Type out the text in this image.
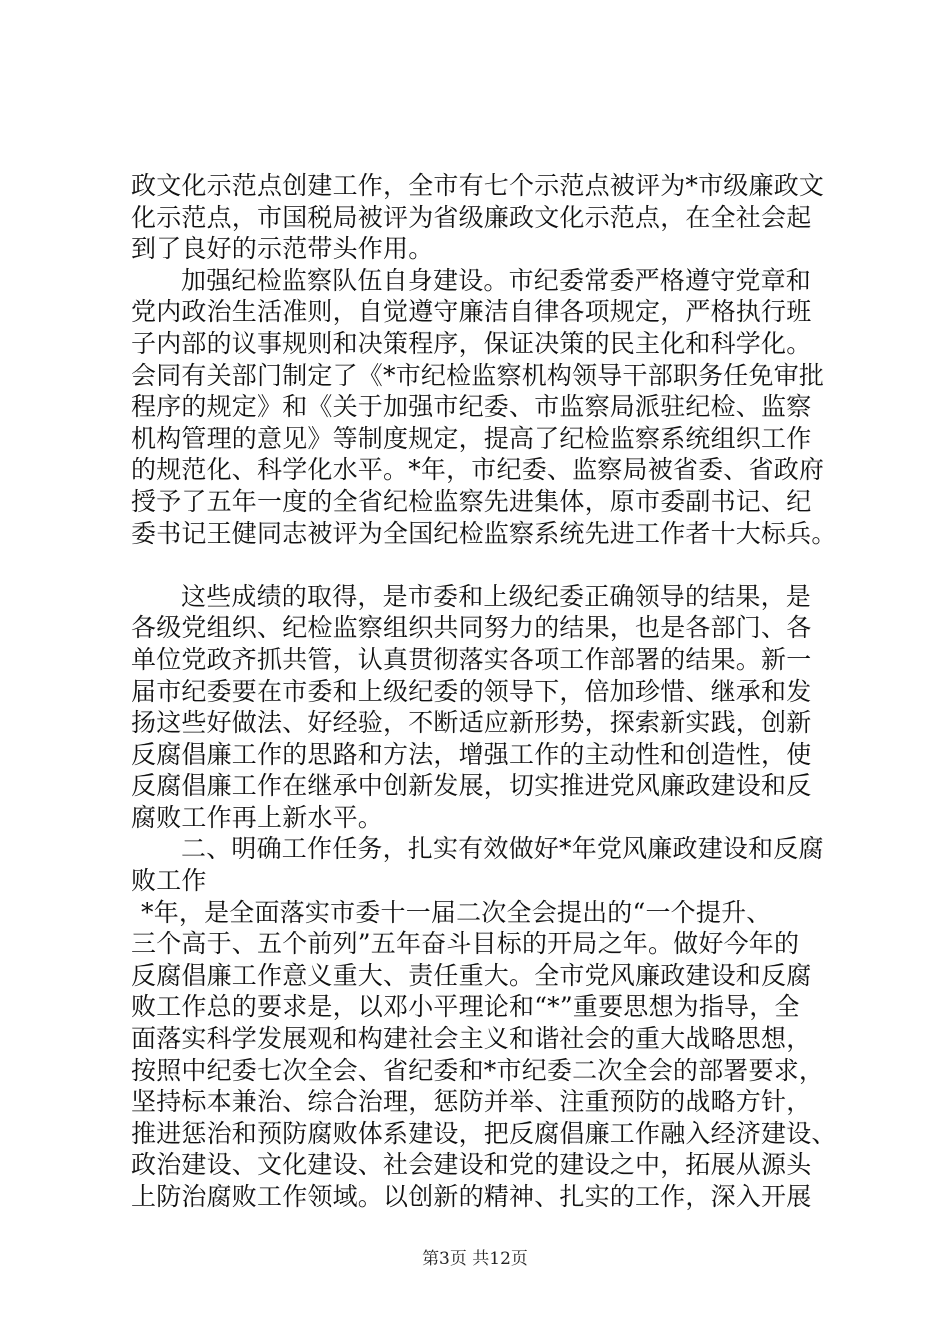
政文化示范点创建工作，全市有七个示范点被评为*市级廉政文
化示范点，市国税局被评为省级廉政文化示范点，在全社会起
到了良好的示范带头作用。
加强纪检监察队伍自身建设。市纪委常委严格遵守党章和
党内政治生活准则，自觉遵守廉洁自律各项规定，严格执行班
子内部的议事规则和决策程序，保证决策的民主化和科学化。
会同有关部门制定了《*市纪检监察机构领导干部职务任免审批
程序的规定》和《关于加强市纪委、市监察局派驻纪检、监察
机构管理的意见》等制度规定，提高了纪检监察系统组织工作
的规范化、科学化水平。*年，市纪委、监察局被省委、省政府
授予了五年一度的全省纪检监察先进集体，原市委副书记、纪
委书记王健同志被评为全国纪检监察系统先进工作者十大标兵。
这些成绩的取得，是市委和上级纪委正确领导的结果，是
各级党组织、纪检监察组织共同努力的结果，也是各部门、各
单位党政齐抓共管，认真贯彻落实各项工作部署的结果。新一
届市纪委要在市委和上级纪委的领导下，倍加珍惜、继承和发
扬这些好做法、好经验，不断适应新形势，探索新实践，创新
反腐倡廉工作的思路和方法，增强工作的主动性和创造性，使
反腐倡廉工作在继承中创新发展，切实推进党风廉政建设和反
腐败工作再上新水平。
二、明确工作任务，扎实有效做好*年党风廉政建设和反腐
败工作
*年，是全面落实市委十一届二次全会提出的“一个提升、
三个高于、五个前列”五年奋斗目标的开局之年。做好今年的
反腐倡廉工作意义重大、责任重大。全市党风廉政建设和反腐
败工作总的要求是，以邓小平理论和“*”重要思想为指导，全
面落实科学发展观和构建社会主义和谐社会的重大战略思想，
按照中纪委七次全会、省纪委和*市纪委二次全会的部署要求，
坚持标本兼治、综合治理，惩防并举、注重预防的战略方针，
推进惩治和预防腐败体系建设，把反腐倡廉工作融入经济建设、
政治建设、文化建设、社会建设和党的建设之中，拓展从源头
上防治腐败工作领域。以创新的精神、扎实的工作，深入开展
第3页 共12页
